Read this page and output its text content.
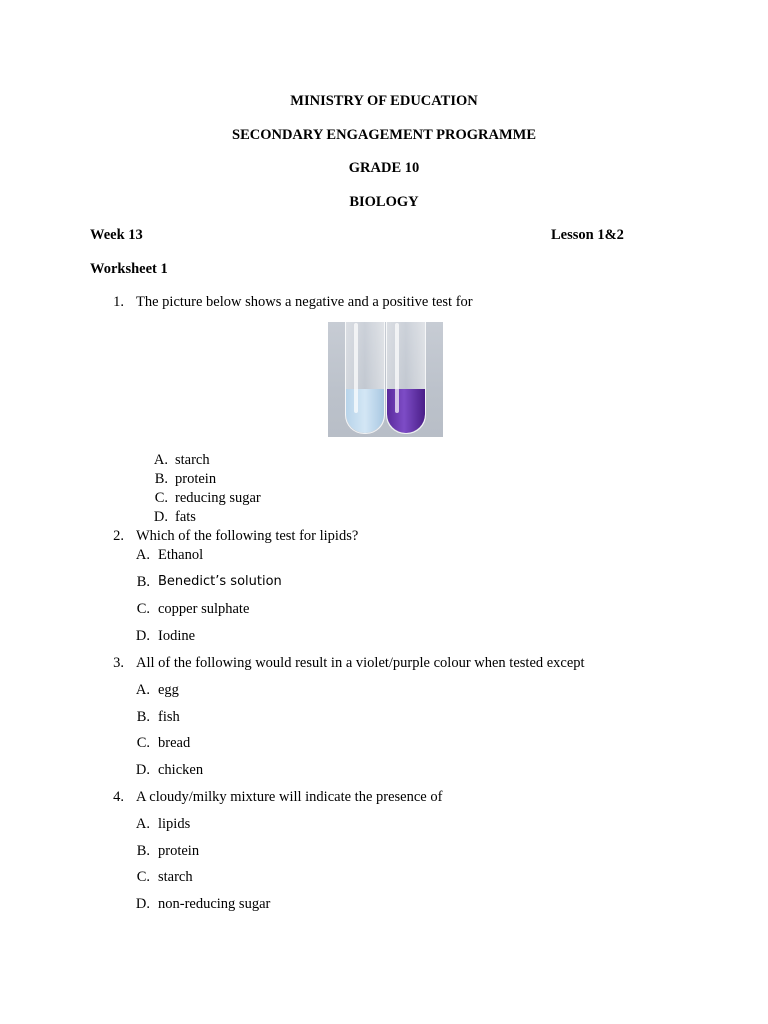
MINISTRY OF EDUCATION
SECONDARY ENGAGEMENT PROGRAMME
GRADE 10
BIOLOGY
Week 13	Lesson 1&2
Worksheet 1
1. The picture below shows a negative and a positive test for
A. starch
B. protein
C. reducing sugar
D. fats
2. Which of the following test for lipids?
A. Ethanol
B. Benedict’s solution
C. copper sulphate
D. Iodine
3. All of the following would result in a violet/purple colour when tested except
A. egg
B. fish
C. bread
D. chicken
4. A cloudy/milky mixture will indicate the presence of
A. lipids
B. protein
C. starch
D. non-reducing sugar
